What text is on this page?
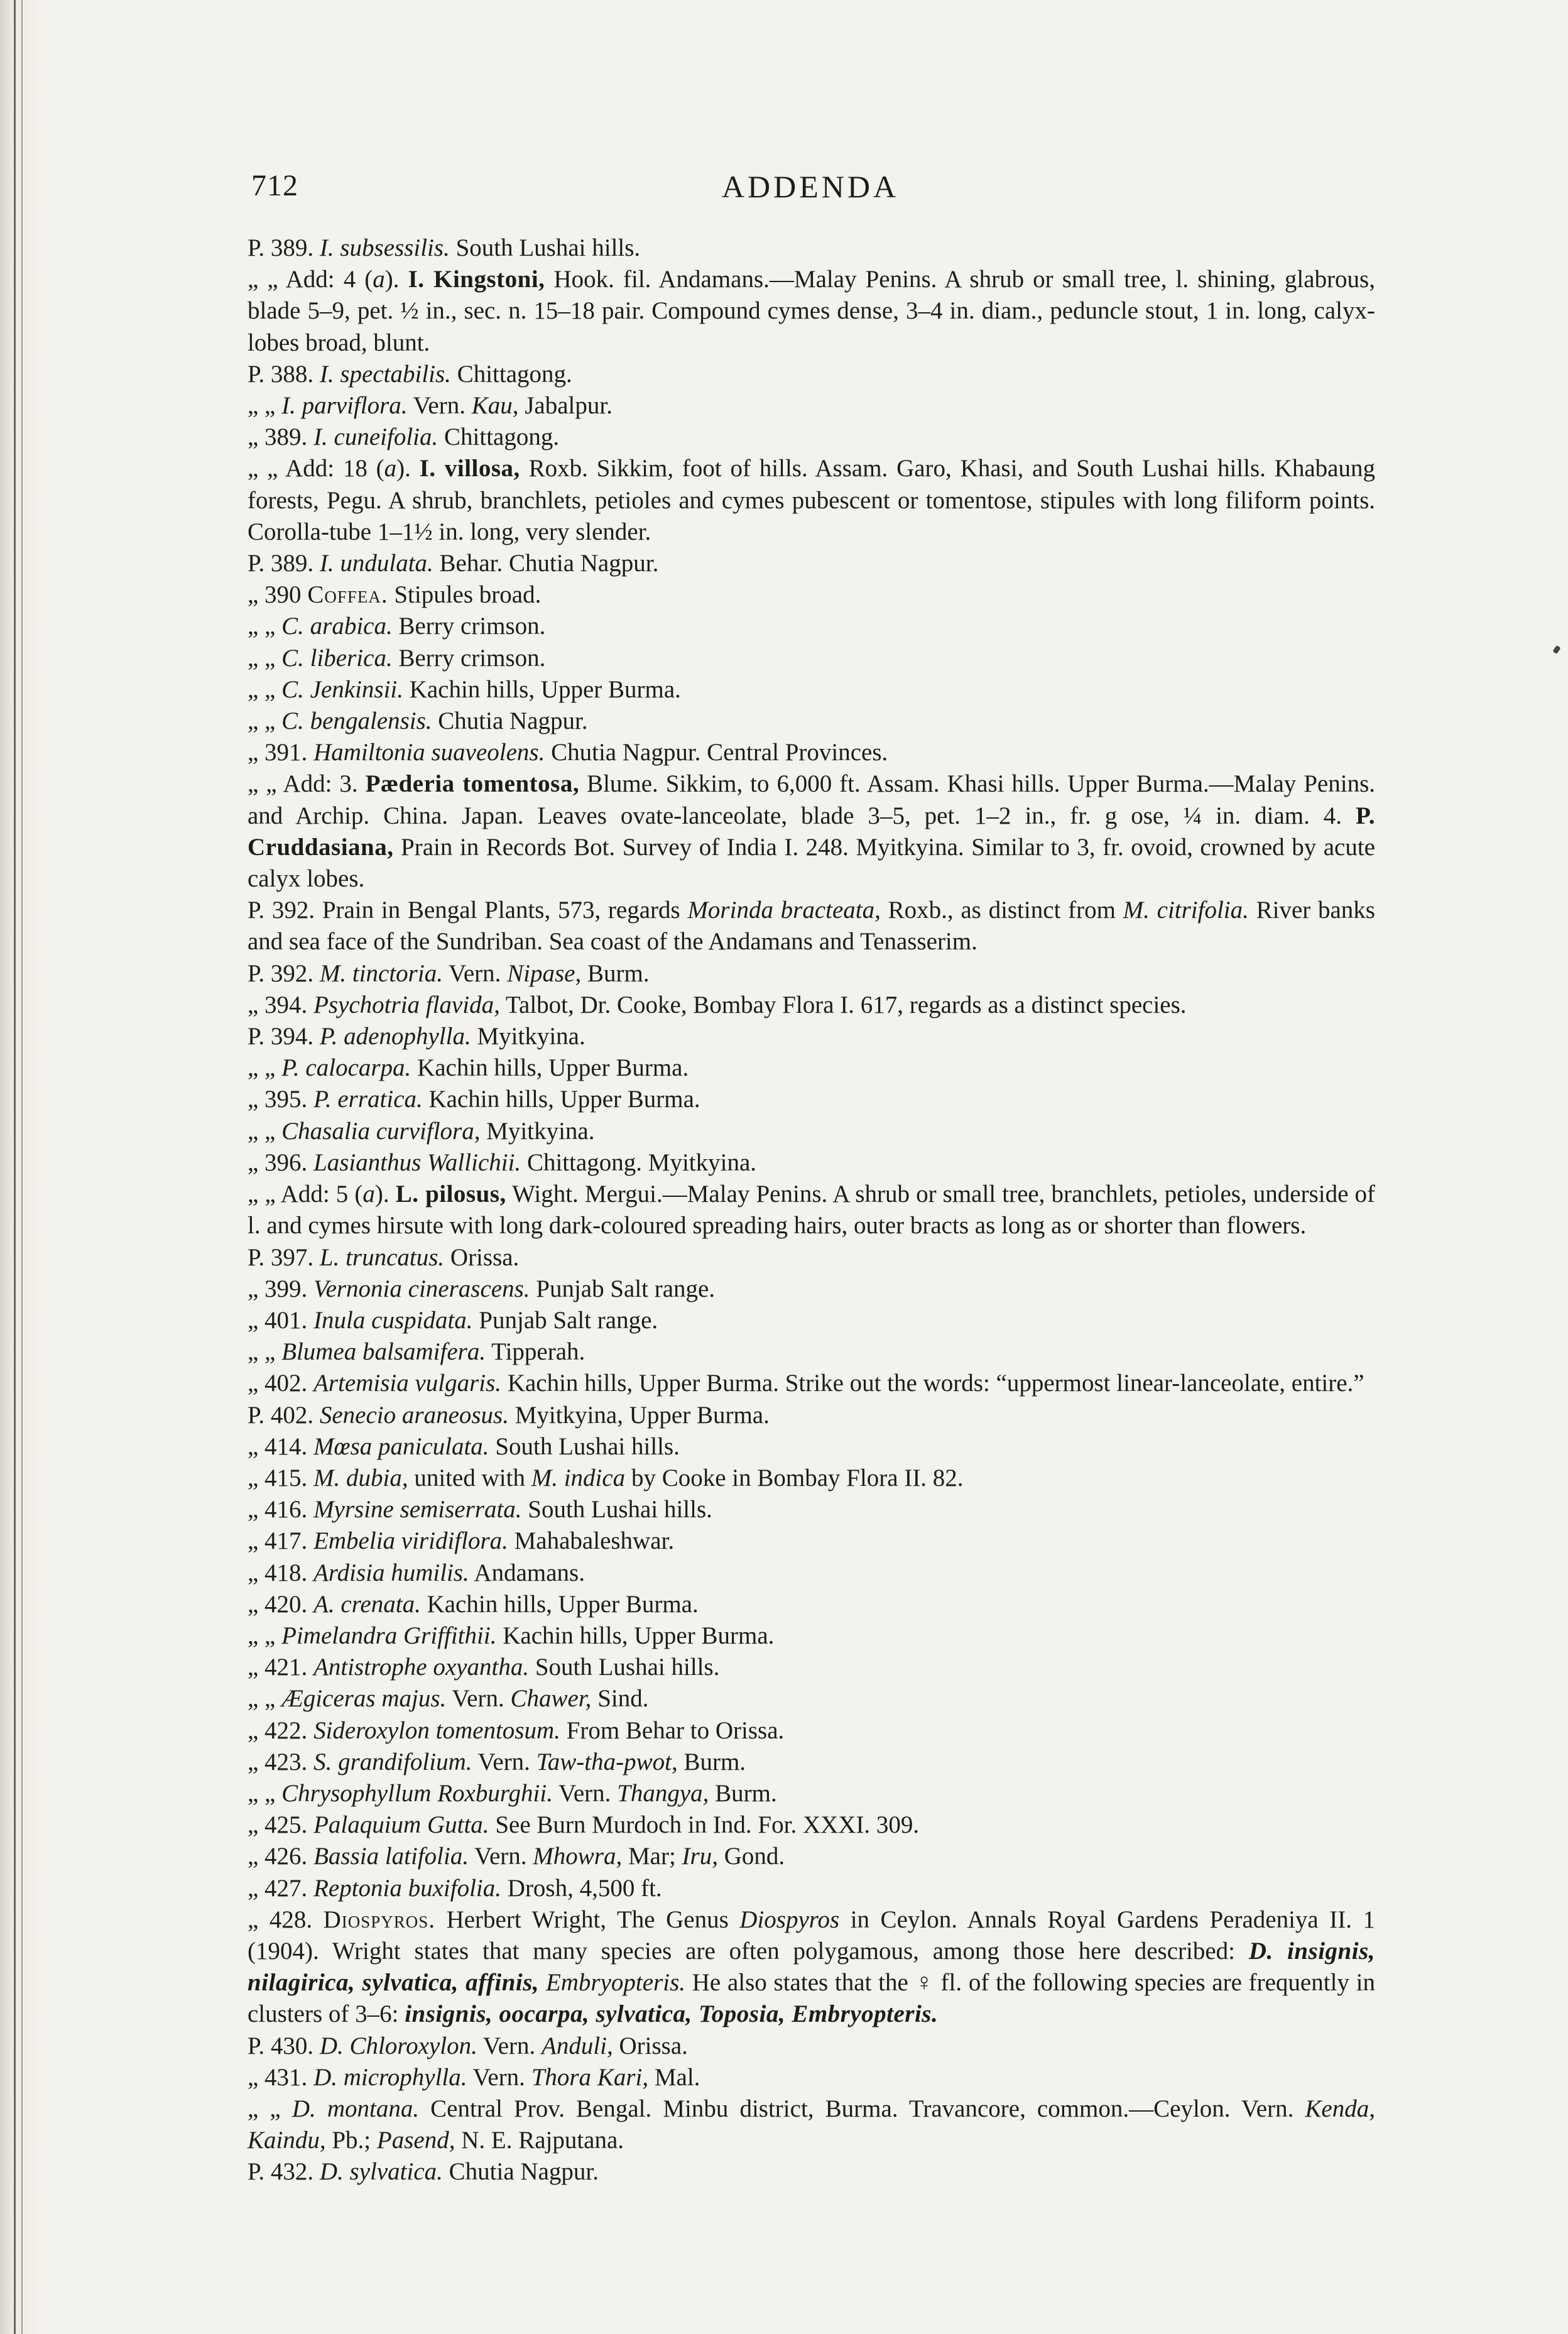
712	ADDENDA

P. 389. I. subsessilis. South Lushai hills.

„ „ Add: 4 (a). I. Kingstoni, Hook. fil. Andamans.—Malay Penins. A shrub or small tree, l. shining, glabrous, blade 5–9, pet. ½ in., sec. n. 15–18 pair. Compound cymes dense, 3–4 in. diam., peduncle stout, 1 in. long, calyx-lobes broad, blunt.

P. 388. I. spectabilis. Chittagong.

„ „ I. parviflora. Vern. Kau, Jabalpur.

„ 389. I. cuneifolia. Chittagong.

„ „ Add: 18 (a). I. villosa, Roxb. Sikkim, foot of hills. Assam. Garo, Khasi, and South Lushai hills. Khabaung forests, Pegu. A shrub, branchlets, petioles and cymes pubescent or tomentose, stipules with long filiform points. Corolla-tube 1–1½ in. long, very slender.

P. 389. I. undulata. Behar. Chutia Nagpur.

„ 390 Coffea. Stipules broad.

„ „ C. arabica. Berry crimson.

„ „ C. liberica. Berry crimson.

„ „ C. Jenkinsii. Kachin hills, Upper Burma.

„ „ C. bengalensis. Chutia Nagpur.

„ 391. Hamiltonia suaveolens. Chutia Nagpur. Central Provinces.

„ „ Add: 3. Pæderia tomentosa, Blume. Sikkim, to 6,000 ft. Assam. Khasi hills. Upper Burma.—Malay Penins. and Archip. China. Japan. Leaves ovate-lanceolate, blade 3–5, pet. 1–2 in., fr. g ose, ¼ in. diam. 4. P. Cruddasiana, Prain in Records Bot. Survey of India I. 248. Myitkyina. Similar to 3, fr. ovoid, crowned by acute calyx lobes.

P. 392. Prain in Bengal Plants, 573, regards Morinda bracteata, Roxb., as distinct from M. citrifolia. River banks and sea face of the Sundriban. Sea coast of the Andamans and Tenasserim.

P. 392. M. tinctoria. Vern. Nipase, Burm.

„ 394. Psychotria flavida, Talbot, Dr. Cooke, Bombay Flora I. 617, regards as a distinct species.

P. 394. P. adenophylla. Myitkyina.

„ „ P. calocarpa. Kachin hills, Upper Burma.

„ 395. P. erratica. Kachin hills, Upper Burma.

„ „ Chasalia curviflora, Myitkyina.

„ 396. Lasianthus Wallichii. Chittagong. Myitkyina.

„ „ Add: 5 (a). L. pilosus, Wight. Mergui.—Malay Penins. A shrub or small tree, branchlets, petioles, underside of l. and cymes hirsute with long dark-coloured spreading hairs, outer bracts as long as or shorter than flowers.

P. 397. L. truncatus. Orissa.

„ 399. Vernonia cinerascens. Punjab Salt range.

„ 401. Inula cuspidata. Punjab Salt range.

„ „ Blumea balsamifera. Tipperah.

„ 402. Artemisia vulgaris. Kachin hills, Upper Burma. Strike out the words: “uppermost linear-lanceolate, entire.”

P. 402. Senecio araneosus. Myitkyina, Upper Burma.

„ 414. Mœsa paniculata. South Lushai hills.

„ 415. M. dubia, united with M. indica by Cooke in Bombay Flora II. 82.

„ 416. Myrsine semiserrata. South Lushai hills.

„ 417. Embelia viridiflora. Mahabaleshwar.

„ 418. Ardisia humilis. Andamans.

„ 420. A. crenata. Kachin hills, Upper Burma.

„ „ Pimelandra Griffithii. Kachin hills, Upper Burma.

„ 421. Antistrophe oxyantha. South Lushai hills.

„ „ Ægiceras majus. Vern. Chawer, Sind.

„ 422. Sideroxylon tomentosum. From Behar to Orissa.

„ 423. S. grandifolium. Vern. Taw-tha-pwot, Burm.

„ „ Chrysophyllum Roxburghii. Vern. Thangya, Burm.

„ 425. Palaquium Gutta. See Burn Murdoch in Ind. For. XXXI. 309.

„ 426. Bassia latifolia. Vern. Mhowra, Mar; Iru, Gond.

„ 427. Reptonia buxifolia. Drosh, 4,500 ft.

„ 428. Diospyros. Herbert Wright, The Genus Diospyros in Ceylon. Annals Royal Gardens Peradeniya II. 1 (1904). Wright states that many species are often polygamous, among those here described: D. insignis, nilagirica, sylvatica, affinis, Embryopteris. He also states that the ♀ fl. of the following species are frequently in clusters of 3–6: insignis, oocarpa, sylvatica, Toposia, Embryopteris.

P. 430. D. Chloroxylon. Vern. Anduli, Orissa.

„ 431. D. microphylla. Vern. Thora Kari, Mal.

„ „ D. montana. Central Prov. Bengal. Minbu district, Burma. Travancore, common.—Ceylon. Vern. Kenda, Kaindu, Pb.; Pasend, N. E. Rajputana.

P. 432. D. sylvatica. Chutia Nagpur.
